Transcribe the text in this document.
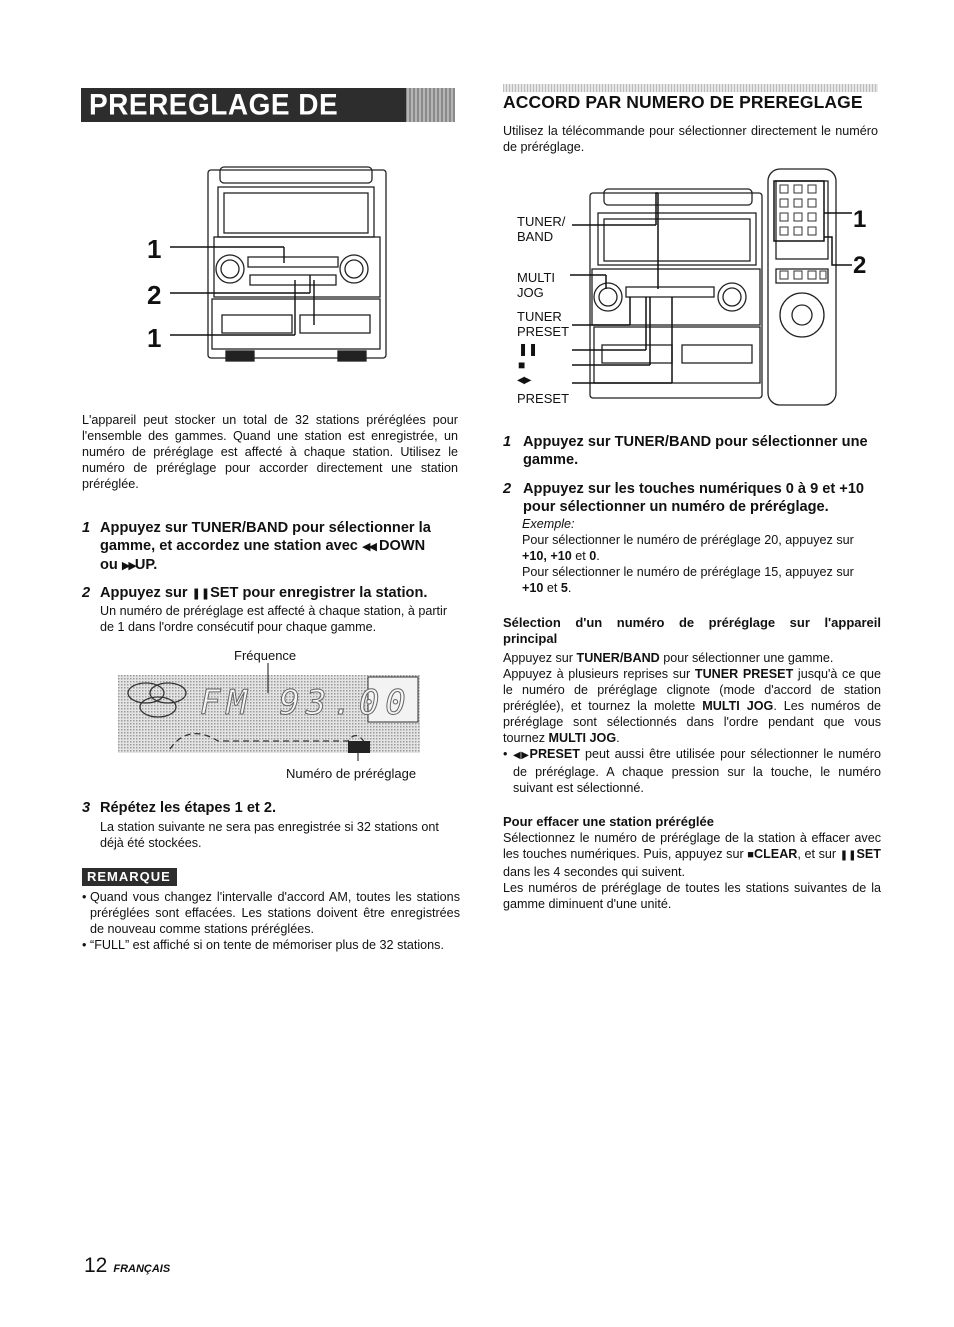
PREREGLAGE DE STATIONS
1
2
1
L'appareil peut stocker un total de 32 stations préréglées pour l'ensemble des gammes. Quand une station est enregistrée, un numéro de préréglage est affecté à chaque station. Utilisez le numéro de préréglage pour accorder directement une station préréglée.
1 Appuyez sur TUNER/BAND pour sélectionner la
gamme, et accordez une station avec ◀◀ DOWN
ou ▶▶UP.
2 Appuyez sur ❚❚SET pour enregistrer la station.
Un numéro de préréglage est affecté à chaque station, à partir de 1 dans l'ordre consécutif pour chaque gamme.
Fréquence
FM 93.00
Numéro de préréglage
3 Répétez les étapes 1 et 2.
La station suivante ne sera pas enregistrée si 32 stations ont déjà été stockées.
REMARQUE
• Quand vous changez l'intervalle d'accord AM, toutes les stations préréglées sont effacées. Les stations doivent être enregistrées de nouveau comme stations préréglées.
• “FULL” est affiché si on tente de mémoriser plus de 32 stations.
ACCORD PAR NUMERO DE PREREGLAGE
Utilisez la télécommande pour sélectionner directement le numéro de préréglage.
TUNER/
BAND
MULTI
JOG
TUNER
PRESET
❚❚
■
◀▶
PRESET
1
2
1 Appuyez sur TUNER/BAND pour sélectionner une gamme.
2 Appuyez sur les touches numériques 0 à 9 et +10 pour sélectionner un numéro de préréglage.
Exemple:
Pour sélectionner le numéro de préréglage 20, appuyez sur
+10, +10 et 0.
Pour sélectionner le numéro de préréglage 15, appuyez sur
+10 et 5.
Sélection d'un numéro de préréglage sur l'appareil
principal
Appuyez sur TUNER/BAND pour sélectionner une gamme.
Appuyez à plusieurs reprises sur TUNER PRESET jusqu'à ce que le numéro de préréglage clignote (mode d'accord de station préréglée), et tournez la molette MULTI JOG. Les numéros de préréglage sont sélectionnés dans l'ordre pendant que vous tournez MULTI JOG.
• ◀▶PRESET peut aussi être utilisée pour sélectionner le numéro de préréglage. A chaque pression sur la touche, le numéro suivant est sélectionné.
Pour effacer une station préréglée
Sélectionnez le numéro de préréglage de la station à effacer avec les touches numériques. Puis, appuyez sur ■CLEAR, et sur ❚❚SET dans les 4 secondes qui suivent.
Les numéros de préréglage de toutes les stations suivantes de la gamme diminuent d'une unité.
12 FRANÇAIS
